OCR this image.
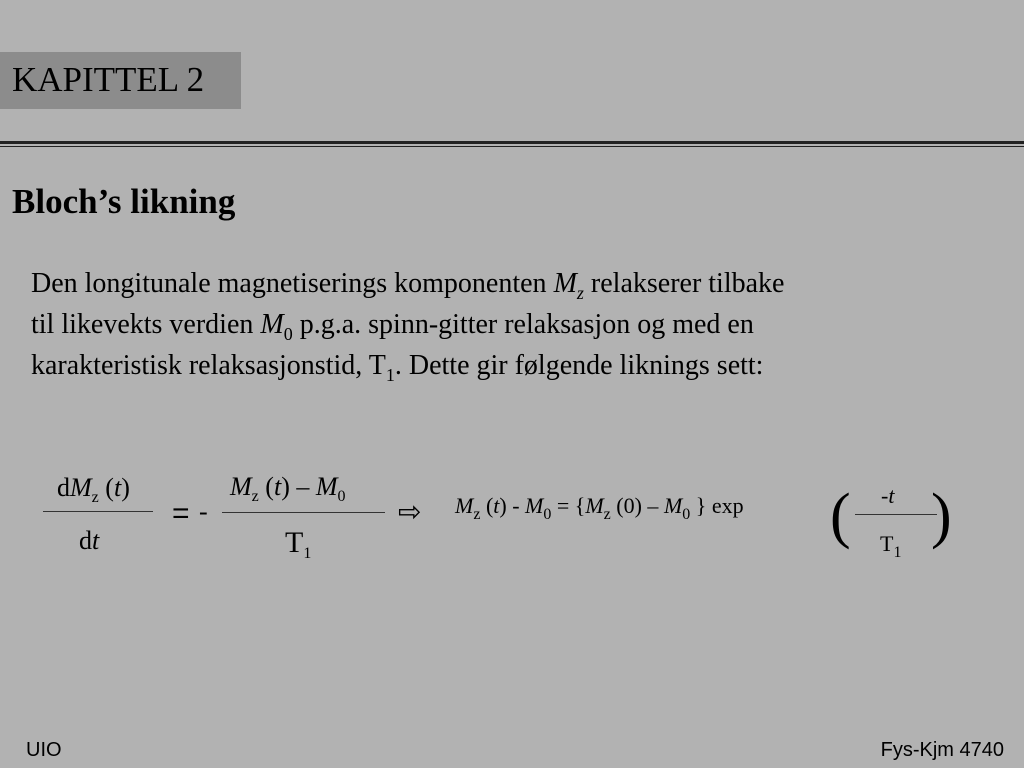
KAPITTEL 2
Bloch’s likning
Den longitunale magnetiserings komponenten $M_z$ relakserer tilbake
til likevekts verdien $M_0$ p.g.a. spinn-gitter relaksasjon og med en
karakteristisk relaksasjonstid, $T_1$. Dette gir følgende liknings sett:
$dM_z$ (t)
dt
= -
$M_z$ $(t) - M_0$
$T_1$
⇨ $M_z$ $(t) - M_0 = \{M_z$ $(0) - M_0$ } exp ( -t
$T_1$
)
UIO	Fys-Kjm 4740
